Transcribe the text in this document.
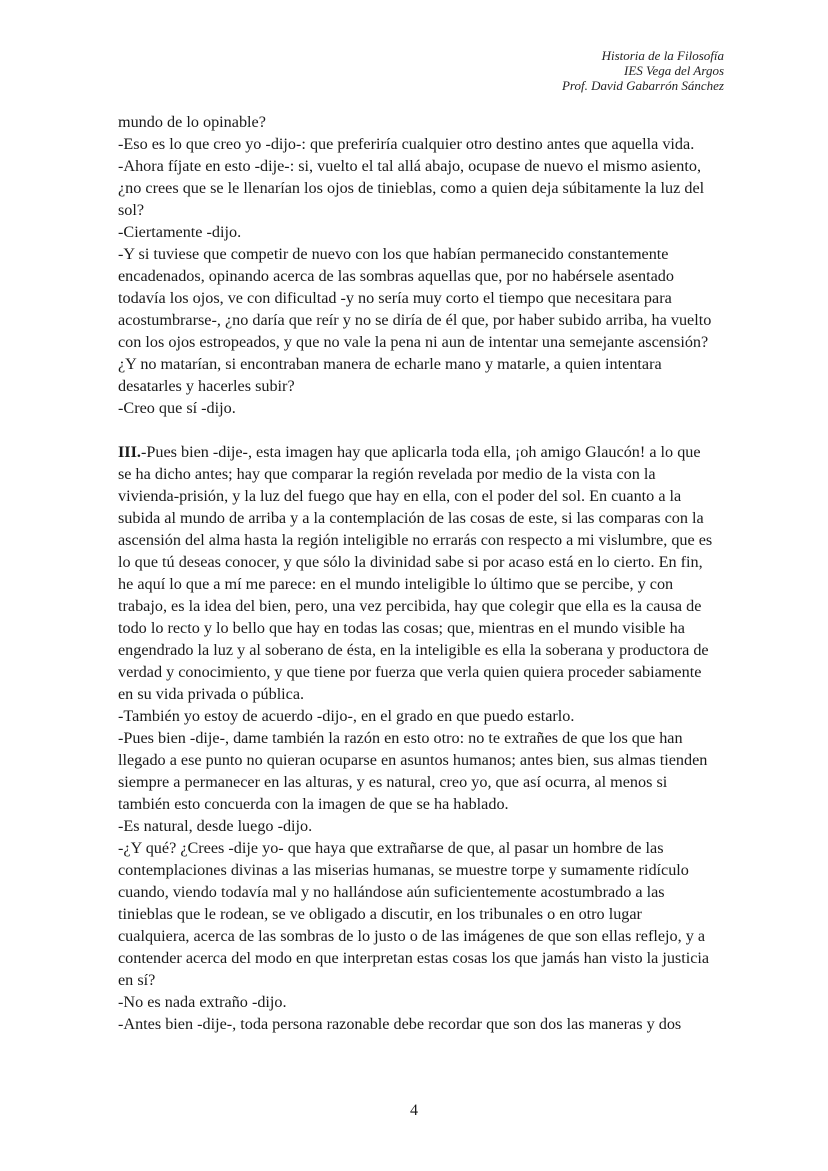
Historia de la Filosofía
IES Vega del Argos
Prof. David Gabarrón Sánchez

mundo de lo opinable?

-Eso es lo que creo yo -dijo-: que preferiría cualquier otro destino antes que aquella vida.

-Ahora fíjate en esto -dije-: si, vuelto el tal allá abajo, ocupase de nuevo el mismo asiento, ¿no crees que se le llenarían los ojos de tinieblas, como a quien deja súbitamente la luz del sol?

-Ciertamente -dijo.

-Y si tuviese que competir de nuevo con los que habían permanecido constantemente encadenados, opinando acerca de las sombras aquellas que, por no habérsele asentado todavía los ojos, ve con dificultad -y no sería muy corto el tiempo que necesitara para acostumbrarse-, ¿no daría que reír y no se diría de él que, por haber subido arriba, ha vuelto con los ojos estropeados, y que no vale la pena ni aun de intentar una semejante ascensión? ¿Y no matarían, si encontraban manera de echarle mano y matarle, a quien intentara desatarles y hacerles subir?

-Creo que sí -dijo.

III.-Pues bien -dije-, esta imagen hay que aplicarla toda ella, ¡oh amigo Glaucón! a lo que se ha dicho antes; hay que comparar la región revelada por medio de la vista con la vivienda-prisión, y la luz del fuego que hay en ella, con el poder del sol. En cuanto a la subida al mundo de arriba y a la contemplación de las cosas de este, si las comparas con la ascensión del alma hasta la región inteligible no errarás con respecto a mi vislumbre, que es lo que tú deseas conocer, y que sólo la divinidad sabe si por acaso está en lo cierto. En fin, he aquí lo que a mí me parece: en el mundo inteligible lo último que se percibe, y con trabajo, es la idea del bien, pero, una vez percibida, hay que colegir que ella es la causa de todo lo recto y lo bello que hay en todas las cosas; que, mientras en el mundo visible ha engendrado la luz y al soberano de ésta, en la inteligible es ella la soberana y productora de verdad y conocimiento, y que tiene por fuerza que verla quien quiera proceder sabiamente en su vida privada o pública.

-También yo estoy de acuerdo -dijo-, en el grado en que puedo estarlo.

-Pues bien -dije-, dame también la razón en esto otro: no te extrañes de que los que han llegado a ese punto no quieran ocuparse en asuntos humanos; antes bien, sus almas tienden siempre a permanecer en las alturas, y es natural, creo yo, que así ocurra, al menos si también esto concuerda con la imagen de que se ha hablado.

-Es natural, desde luego -dijo.

-¿Y qué? ¿Crees -dije yo- que haya que extrañarse de que, al pasar un hombre de las contemplaciones divinas a las miserias humanas, se muestre torpe y sumamente ridículo cuando, viendo todavía mal y no hallándose aún suficientemente acostumbrado a las tinieblas que le rodean, se ve obligado a discutir, en los tribunales o en otro lugar cualquiera, acerca de las sombras de lo justo o de las imágenes de que son ellas reflejo, y a contender acerca del modo en que interpretan estas cosas los que jamás han visto la justicia en sí?

-No es nada extraño -dijo.

-Antes bien -dije-, toda persona razonable debe recordar que son dos las maneras y dos

4
